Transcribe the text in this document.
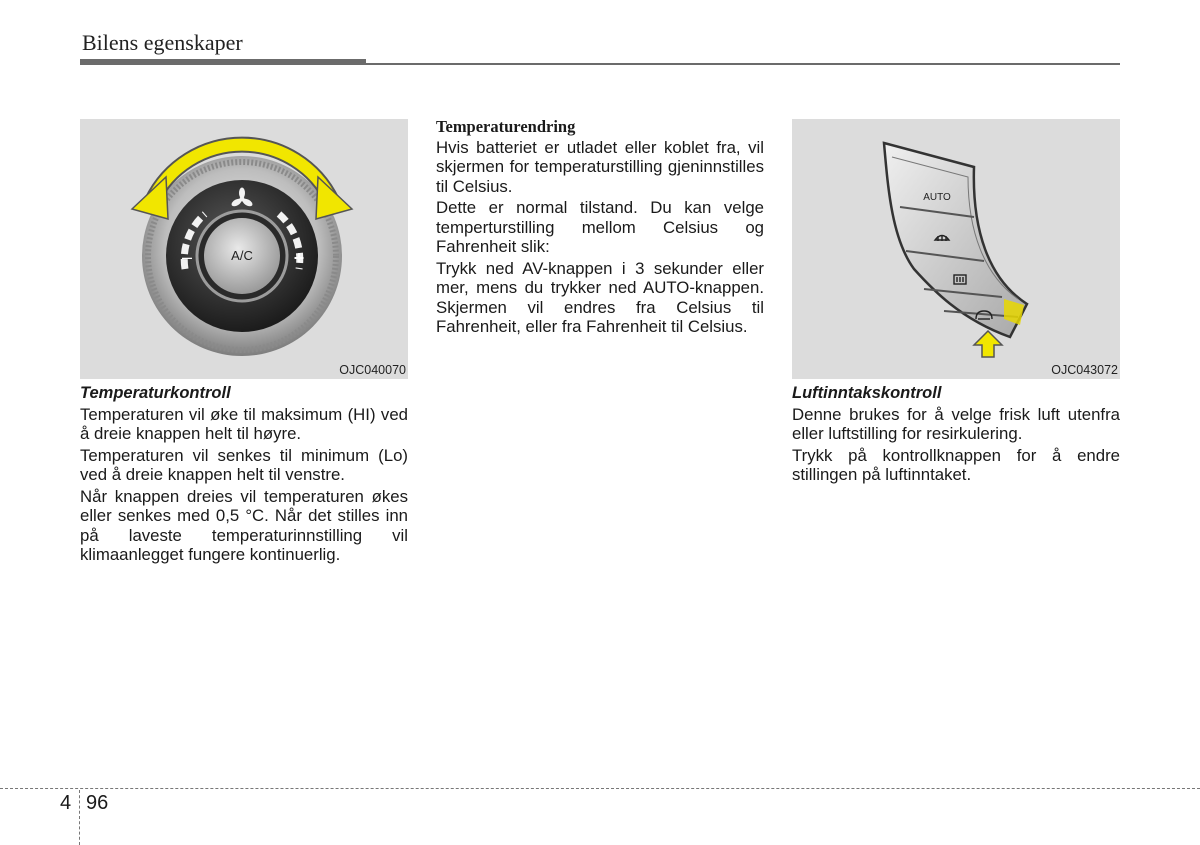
Bilens egenskaper
A/C
–	+
OJC040070
AUTO
OJC043072
Temperaturkontroll

Temperaturen vil øke til maksimum (HI) ved å dreie knappen helt til høyre.

Temperaturen vil senkes til minimum (Lo) ved å dreie knappen helt til venstre.

Når knappen dreies vil temperaturen økes eller senkes med 0,5 °C. Når det stilles inn på laveste temperaturinnstilling vil klimaanlegget fungere kontinuerlig.

Temperaturendring

Hvis batteriet er utladet eller koblet fra, vil skjermen for temperaturstilling gjeninnstilles til Celsius.

Dette er normal tilstand. Du kan velge temperturstilling mellom Celsius og Fahrenheit slik:

Trykk ned AV-knappen i 3 sekunder eller mer, mens du trykker ned AUTO-knappen. Skjermen vil endres fra Celsius til Fahrenheit, eller fra Fahrenheit til Celsius.

Luftinntakskontroll

Denne brukes for å velge frisk luft utenfra eller luftstilling for resirkulering.

Trykk på kontrollknappen for å endre stillingen på luftinntaket.

4 96
